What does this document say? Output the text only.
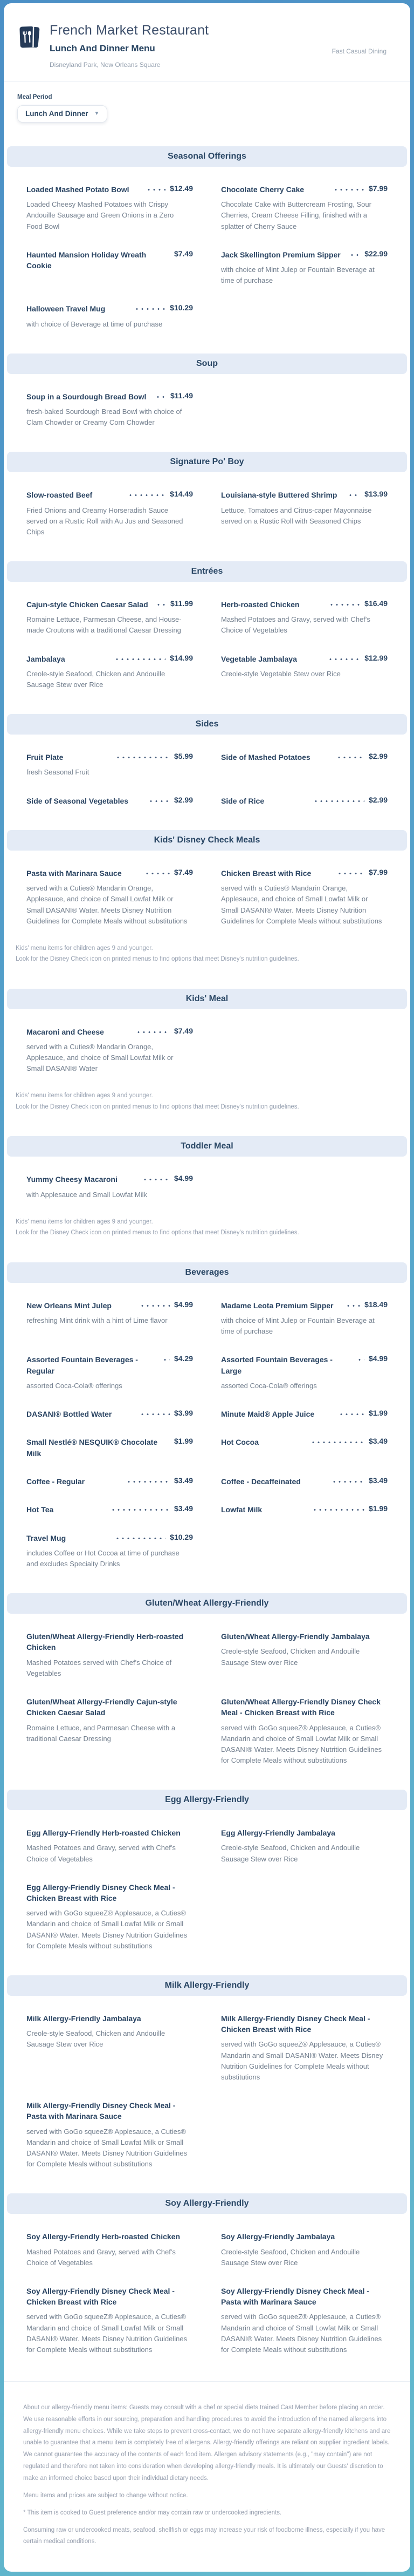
French Market Restaurant
Lunch And Dinner Menu
Disneyland Park, New Orleans Square
Fast Casual Dining
Meal Period
Lunch And Dinner ▼
Seasonal Offerings
Loaded Mashed Potato Bowl	$12.49
Loaded Cheesy Mashed Potatoes with Crispy Andouille Sausage and Green Onions in a Zero Food Bowl
Chocolate Cherry Cake	$7.99
Chocolate Cake with Buttercream Frosting, Sour Cherries, Cream Cheese Filling, finished with a splatter of Cherry Sauce
Haunted Mansion Holiday Wreath Cookie
$7.49	Jack Skellington Premium Sipper	$22.99
with choice of Mint Julep or Fountain Beverage at time of purchase
Halloween Travel Mug	$10.29
with choice of Beverage at time of purchase
Soup
Soup in a Sourdough Bread Bowl	$11.49
fresh-baked Sourdough Bread Bowl with choice of Clam Chowder or Creamy Corn Chowder
Signature Po' Boy
Slow-roasted Beef	$14.49
Fried Onions and Creamy Horseradish Sauce served on a Rustic Roll with Au Jus and Seasoned Chips
Louisiana-style Buttered Shrimp	$13.99
Lettuce, Tomatoes and Citrus-caper Mayonnaise served on a Rustic Roll with Seasoned Chips
Entrées
Cajun-style Chicken Caesar Salad	$11.99
Romaine Lettuce, Parmesan Cheese, and House-made Croutons with a traditional Caesar Dressing
Herb-roasted Chicken	$16.49
Mashed Potatoes and Gravy, served with Chef's Choice of Vegetables
Jambalaya	$14.99
Creole-style Seafood, Chicken and Andouille Sausage Stew over Rice
Vegetable Jambalaya	$12.99
Creole-style Vegetable Stew over Rice
Sides
Fruit Plate	$5.99
fresh Seasonal Fruit
Side of Mashed Potatoes	$2.99
Side of Seasonal Vegetables	$2.99	Side of Rice	$2.99
Kids' Disney Check Meals
Pasta with Marinara Sauce	$7.49
served with a Cuties® Mandarin Orange, Applesauce, and choice of Small Lowfat Milk or Small DASANI® Water. Meets Disney Nutrition Guidelines for Complete Meals without substitutions
Chicken Breast with Rice	$7.99
served with a Cuties® Mandarin Orange, Applesauce, and choice of Small Lowfat Milk or Small DASANI® Water. Meets Disney Nutrition Guidelines for Complete Meals without substitutions
Kids' menu items for children ages 9 and younger.
Look for the Disney Check icon on printed menus to find options that meet Disney's nutrition guidelines.
Kids' Meal
Macaroni and Cheese	$7.49
served with a Cuties® Mandarin Orange, Applesauce, and choice of Small Lowfat Milk or Small DASANI® Water
Kids' menu items for children ages 9 and younger.
Look for the Disney Check icon on printed menus to find options that meet Disney's nutrition guidelines.
Toddler Meal
Yummy Cheesy Macaroni	$4.99
with Applesauce and Small Lowfat Milk
Kids' menu items for children ages 9 and younger.
Look for the Disney Check icon on printed menus to find options that meet Disney's nutrition guidelines.
Beverages
New Orleans Mint Julep	$4.99
refreshing Mint drink with a hint of Lime flavor
Madame Leota Premium Sipper	$18.49
with choice of Mint Julep or Fountain Beverage at time of purchase
Assorted Fountain Beverages - Regular
$4.29
assorted Coca-Cola® offerings
Assorted Fountain Beverages - Large
$4.99
assorted Coca-Cola® offerings
DASANI® Bottled Water	$3.99	Minute Maid® Apple Juice	$1.99
Small Nestlé® NESQUIK® Chocolate Milk
$1.99	Hot Cocoa	$3.49
Coffee - Regular	$3.49	Coffee - Decaffeinated	$3.49
Hot Tea	$3.49	Lowfat Milk	$1.99
Travel Mug	$10.29
includes Coffee or Hot Cocoa at time of purchase and excludes Specialty Drinks
Gluten/Wheat Allergy-Friendly
Gluten/Wheat Allergy-Friendly Herb-roasted Chicken
Mashed Potatoes served with Chef's Choice of Vegetables
Gluten/Wheat Allergy-Friendly Jambalaya
Creole-style Seafood, Chicken and Andouille Sausage Stew over Rice
Gluten/Wheat Allergy-Friendly Cajun-style Chicken Caesar Salad
Romaine Lettuce, and Parmesan Cheese with a traditional Caesar Dressing
Gluten/Wheat Allergy-Friendly Disney Check Meal - Chicken Breast with Rice
served with GoGo squeeZ® Applesauce, a Cuties® Mandarin and choice of Small Lowfat Milk or Small DASANI® Water. Meets Disney Nutrition Guidelines for Complete Meals without substitutions
Egg Allergy-Friendly
Egg Allergy-Friendly Herb-roasted Chicken
Mashed Potatoes and Gravy, served with Chef's Choice of Vegetables
Egg Allergy-Friendly Jambalaya
Creole-style Seafood, Chicken and Andouille Sausage Stew over Rice
Egg Allergy-Friendly Disney Check Meal - Chicken Breast with Rice
served with GoGo squeeZ® Applesauce, a Cuties® Mandarin and choice of Small Lowfat Milk or Small DASANI® Water. Meets Disney Nutrition Guidelines for Complete Meals without substitutions
Milk Allergy-Friendly
Milk Allergy-Friendly Jambalaya
Creole-style Seafood, Chicken and Andouille Sausage Stew over Rice
Milk Allergy-Friendly Disney Check Meal - Chicken Breast with Rice
served with GoGo squeeZ® Applesauce, a Cuties® Mandarin and Small DASANI® Water. Meets Disney Nutrition Guidelines for Complete Meals without substitutions
Milk Allergy-Friendly Disney Check Meal - Pasta with Marinara Sauce
served with GoGo squeeZ® Applesauce, a Cuties® Mandarin and choice of Small Lowfat Milk or Small DASANI® Water. Meets Disney Nutrition Guidelines for Complete Meals without substitutions
Soy Allergy-Friendly
Soy Allergy-Friendly Herb-roasted Chicken
Mashed Potatoes and Gravy, served with Chef's Choice of Vegetables
Soy Allergy-Friendly Jambalaya
Creole-style Seafood, Chicken and Andouille Sausage Stew over Rice
Soy Allergy-Friendly Disney Check Meal - Chicken Breast with Rice
served with GoGo squeeZ® Applesauce, a Cuties® Mandarin and choice of Small Lowfat Milk or Small DASANI® Water. Meets Disney Nutrition Guidelines for Complete Meals without substitutions
Soy Allergy-Friendly Disney Check Meal - Pasta with Marinara Sauce
served with GoGo squeeZ® Applesauce, a Cuties® Mandarin and choice of Small Lowfat Milk or Small DASANI® Water. Meets Disney Nutrition Guidelines for Complete Meals without substitutions

About our allergy-friendly menu items: Guests may consult with a chef or special diets trained Cast Member before placing an order. We use reasonable efforts in our sourcing, preparation and handling procedures to avoid the introduction of the named allergens into allergy-friendly menu choices. While we take steps to prevent cross-contact, we do not have separate allergy-friendly kitchens and are unable to guarantee that a menu item is completely free of allergens. Allergy-friendly offerings are reliant on supplier ingredient labels. We cannot guarantee the accuracy of the contents of each food item. Allergen advisory statements (e.g., "may contain") are not regulated and therefore not taken into consideration when developing allergy-friendly meals. It is ultimately our Guests' discretion to make an informed choice based upon their individual dietary needs.

Menu items and prices are subject to change without notice.

* This item is cooked to Guest preference and/or may contain raw or undercooked ingredients.

Consuming raw or undercooked meats, seafood, shellfish or eggs may increase your risk of foodborne illness, especially if you have certain medical conditions.
